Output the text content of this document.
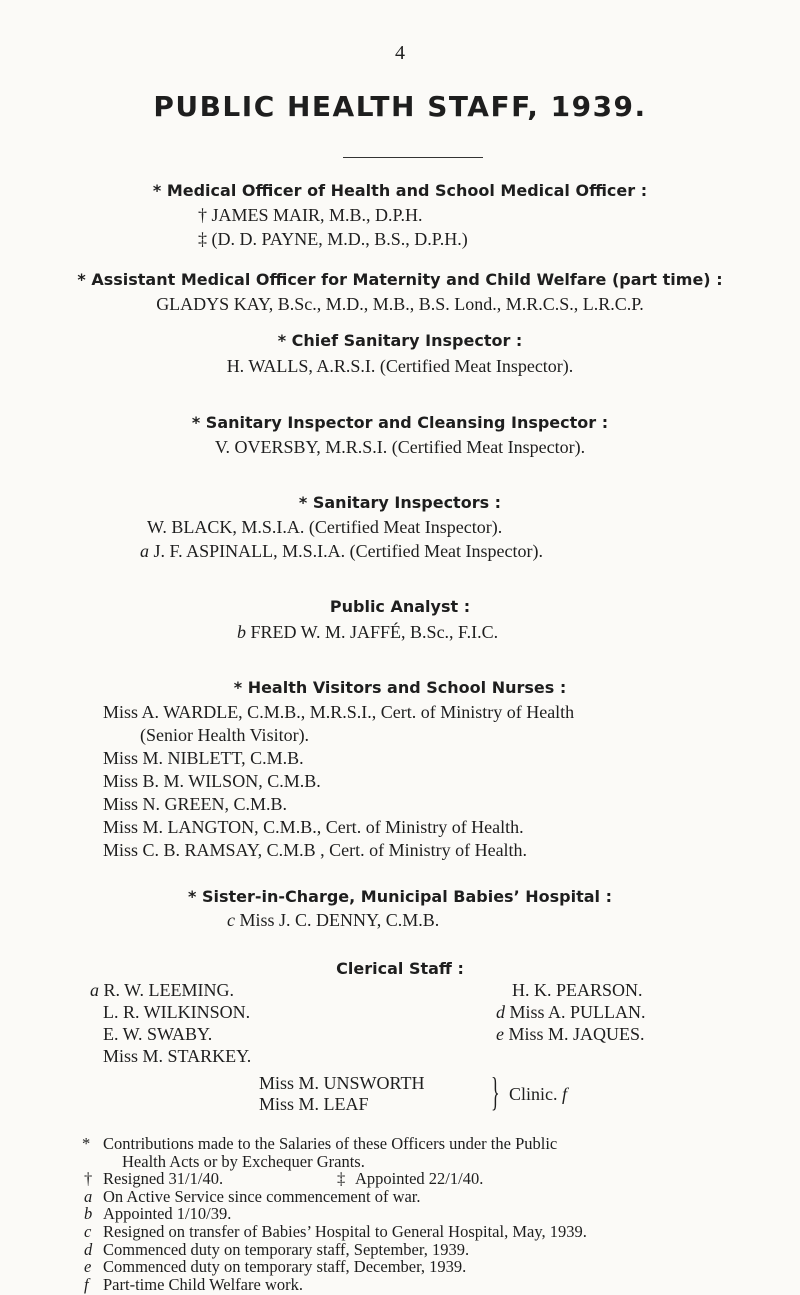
4
PUBLIC HEALTH STAFF, 1939.
* Medical Officer of Health and School Medical Officer :
† JAMES MAIR, M.B., D.P.H.
‡ (D. D. PAYNE, M.D., B.S., D.P.H.)
* Assistant Medical Officer for Maternity and Child Welfare (part time) :
GLADYS KAY, B.Sc., M.D., M.B., B.S. Lond., M.R.C.S., L.R.C.P.
* Chief Sanitary Inspector :
H. WALLS, A.R.S.I. (Certified Meat Inspector).
* Sanitary Inspector and Cleansing Inspector :
V. OVERSBY, M.R.S.I. (Certified Meat Inspector).
* Sanitary Inspectors :
W. BLACK, M.S.I.A. (Certified Meat Inspector).
a J. F. ASPINALL, M.S.I.A. (Certified Meat Inspector).
Public Analyst :
b FRED W. M. JAFFÉ, B.Sc., F.I.C.
* Health Visitors and School Nurses :
Miss A. WARDLE, C.M.B., M.R.S.I., Cert. of Ministry of Health
(Senior Health Visitor).
Miss M. NIBLETT, C.M.B.
Miss B. M. WILSON, C.M.B.
Miss N. GREEN, C.M.B.
Miss M. LANGTON, C.M.B., Cert. of Ministry of Health.
Miss C. B. RAMSAY, C.M.B , Cert. of Ministry of Health.
* Sister-in-Charge, Municipal Babies’ Hospital :
c Miss J. C. DENNY, C.M.B.
Clerical Staff :
a R. W. LEEMING.
L. R. WILKINSON.
E. W. SWABY.
Miss M. STARKEY.
H. K. PEARSON.
d Miss A. PULLAN.
e Miss M. JAQUES.
Miss M. UNSWORTH
Miss M. LEAF	} Clinic. f
* Contributions made to the Salaries of these Officers under the Public
Health Acts or by Exchequer Grants.
† Resigned 31/1/40.	‡ Appointed 22/1/40.
a On Active Service since commencement of war.
b Appointed 1/10/39.
c Resigned on transfer of Babies’ Hospital to General Hospital, May, 1939.
d Commenced duty on temporary staff, September, 1939.
e Commenced duty on temporary staff, December, 1939.
f Part-time Child Welfare work.
